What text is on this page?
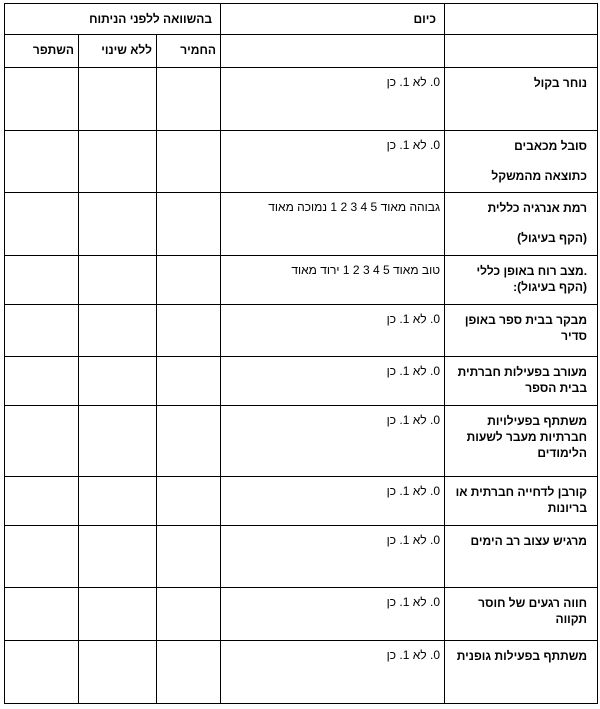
	כיום	בהשוואה ללפני הניתוח		
		החמיר	ללא שינוי	השתפר

נוחר בקול	0. לא 1. כן			

סובל מכאבים
כתוצאה מהמשקל	0. לא 1. כן			

רמת אנרגיה כללית
(הקף בעיגול)	גבוהה מאוד 5 4 3 2 1 נמוכה מאוד			

.מצב רוח באופן כללי
(הקף בעיגול):	טוב מאוד 5 4 3 2 1 ירוד מאוד			

מבקר בבית ספר באופן
סדיר	0. לא 1. כן			

מעורב בפעילות חברתית
בבית הספר	0. לא 1. כן			

משתתף בפעילויות
חברתיות מעבר לשעות
הלימודים	0. לא 1. כן			

קורבן לדחייה חברתית או
בריונות	0. לא 1. כן			

מרגיש עצוב רב הימים	0. לא 1. כן			

חווה רגעים של חוסר
תקווה	0. לא 1. כן			

משתתף בפעילות גופנית	0. לא 1. כן			
